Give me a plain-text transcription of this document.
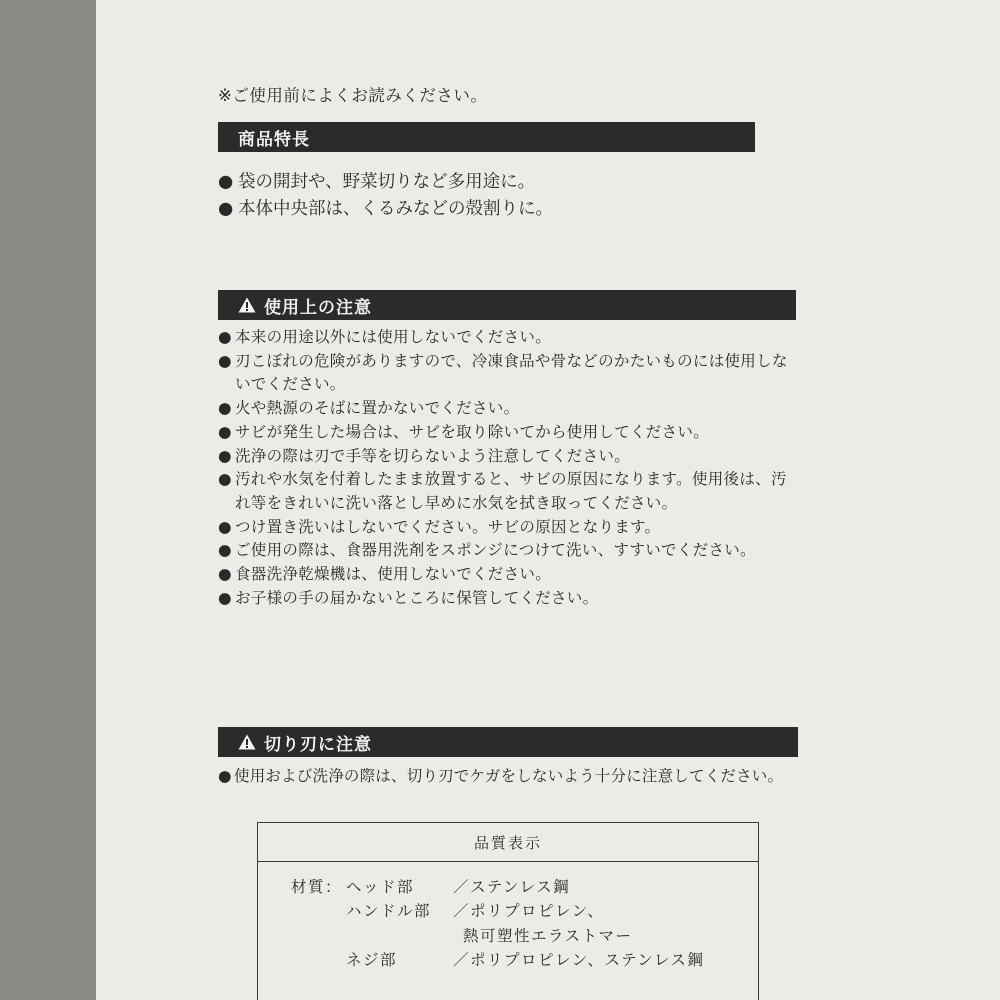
※ご使用前によくお読みください。
商品特長
● 袋の開封や、野菜切りなど多用途に。
● 本体中央部は、くるみなどの殻割りに。
使用上の注意
● 本来の用途以外には使用しないでください。
● 刃こぼれの危険がありますので、冷凍食品や骨などのかたいものには使用しないでください。
● 火や熱源のそばに置かないでください。
● サビが発生した場合は、サビを取り除いてから使用してください。
● 洗浄の際は刃で手等を切らないよう注意してください。
● 汚れや水気を付着したまま放置すると、サビの原因になります。使用後は、汚れ等をきれいに洗い落とし早めに水気を拭き取ってください。
● つけ置き洗いはしないでください。サビの原因となります。
● ご使用の際は、食器用洗剤をスポンジにつけて洗い、すすいでください。
● 食器洗浄乾燥機は、使用しないでください。
● お子様の手の届かないところに保管してください。
切り刃に注意
● 使用および洗浄の際は、切り刃でケガをしないよう十分に注意してください。
品質表示
材質： ヘッド部	／ステンレス鋼
ハンドル部 ／ポリプロピレン、
熱可塑性エラストマー
ネジ部	／ポリプロピレン、ステンレス鋼
